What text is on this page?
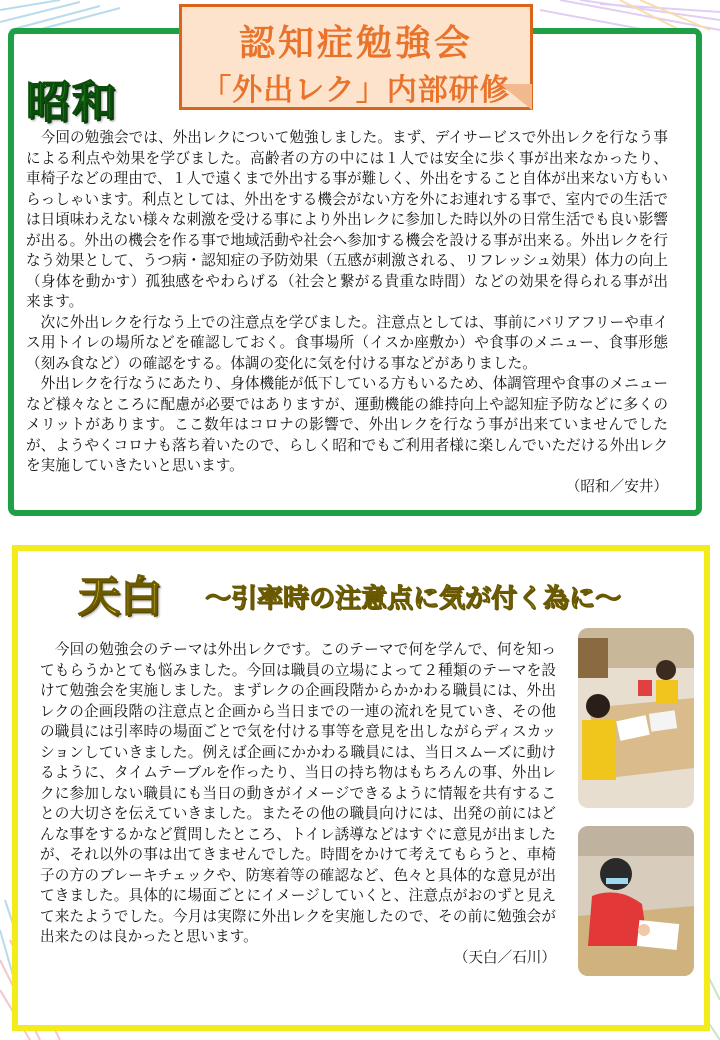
昭和
認知症勉強会
「外出レク」内部研修

　今回の勉強会では、外出レクについて勉強しました。まず、デイサービスで外出レクを行なう事による利点や効果を学びました。高齢者の方の中には１人では安全に歩く事が出来なかったり、車椅子などの理由で、１人で遠くまで外出する事が難しく、外出をすること自体が出来ない方もいらっしゃいます。利点としては、外出をする機会がない方を外にお連れする事で、室内での生活では日頃味わえない様々な刺激を受ける事により外出レクに参加した時以外の日常生活でも良い影響が出る。外出の機会を作る事で地域活動や社会へ参加する機会を設ける事が出来る。外出レクを行なう効果として、うつ病・認知症の予防効果（五感が刺激される、リフレッシュ効果）体力の向上（身体を動かす）孤独感をやわらげる（社会と繋がる貴重な時間）などの効果を得られる事が出来ます。

　次に外出レクを行なう上での注意点を学びました。注意点としては、事前にバリアフリーや車イス用トイレの場所などを確認しておく。食事場所（イスか座敷か）や食事のメニュー、食事形態（刻み食など）の確認をする。体調の変化に気を付ける事などがありました。

　外出レクを行なうにあたり、身体機能が低下している方もいるため、体調管理や食事のメニューなど様々なところに配慮が必要ではありますが、運動機能の維持向上や認知症予防などに多くのメリットがあります。ここ数年はコロナの影響で、外出レクを行なう事が出来ていませんでしたが、ようやくコロナも落ち着いたので、らしく昭和でもご利用者様に楽しんでいただける外出レクを実施していきたいと思います。
（昭和／安井）

天白 ～引率時の注意点に気が付く為に～

　今回の勉強会のテーマは外出レクです。このテーマで何を学んで、何を知ってもらうかとても悩みました。今回は職員の立場によって２種類のテーマを設けて勉強会を実施しました。まずレクの企画段階からかかわる職員には、外出レクの企画段階の注意点と企画から当日までの一連の流れを見ていき、その他の職員には引率時の場面ごとで気を付ける事等を意見を出しながらディスカッションしていきました。例えば企画にかかわる職員には、当日スムーズに動けるように、タイムテーブルを作ったり、当日の持ち物はもちろんの事、外出レクに参加しない職員にも当日の動きがイメージできるように情報を共有することの大切さを伝えていきました。またその他の職員向けには、出発の前にはどんな事をするかなど質問したところ、トイレ誘導などはすぐに意見が出ましたが、それ以外の事は出てきませんでした。時間をかけて考えてもらうと、車椅子の方のブレーキチェックや、防寒着等の確認など、色々と具体的な意見が出てきました。具体的に場面ごとにイメージしていくと、注意点がおのずと見えて来たようでした。今月は実際に外出レクを実施したので、その前に勉強会が出来たのは良かったと思います。

（天白／石川）
